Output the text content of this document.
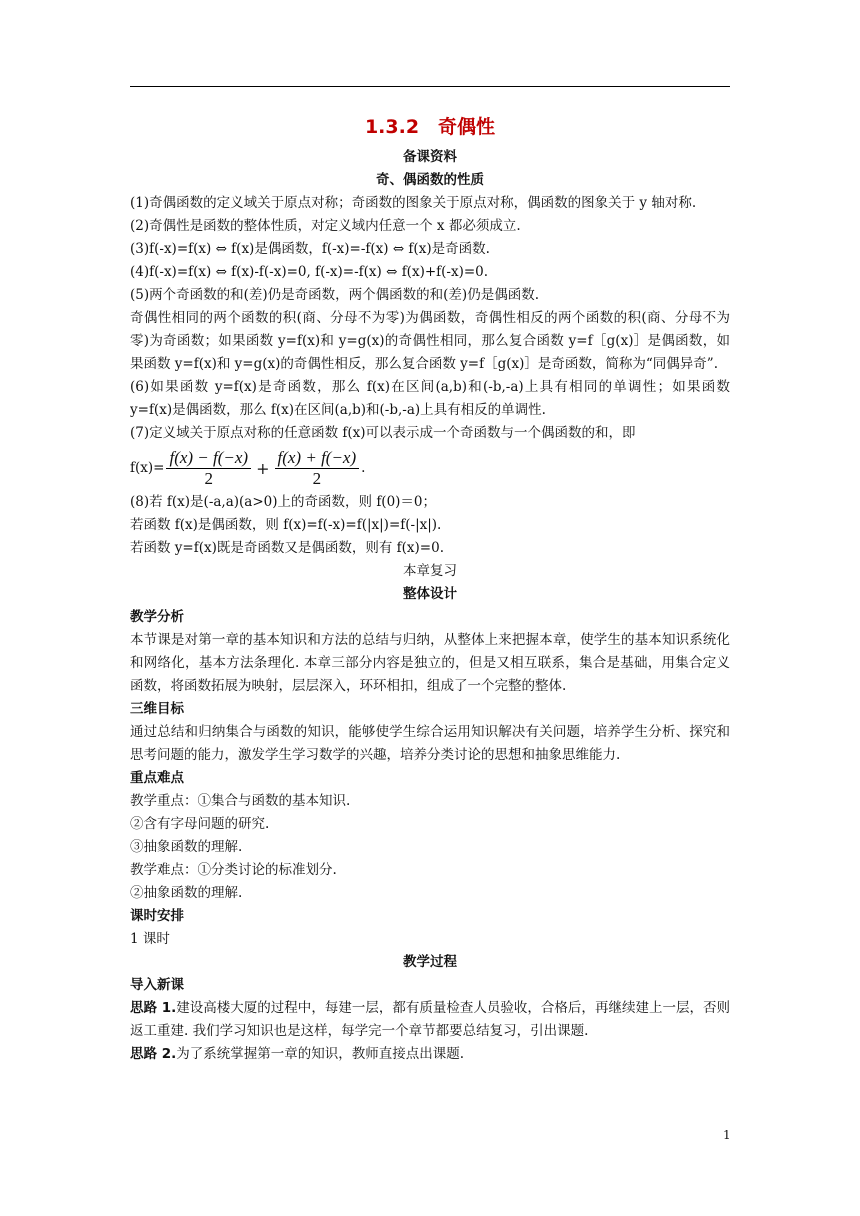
1.3.2　奇偶性
备课资料
奇、偶函数的性质
(1)奇偶函数的定义域关于原点对称；奇函数的图象关于原点对称，偶函数的图象关于 y 轴对称.
(2)奇偶性是函数的整体性质，对定义域内任意一个 x 都必须成立.
(3)f(-x)=f(x) ⇔ f(x)是偶函数，f(-x)=-f(x) ⇔ f(x)是奇函数.
(4)f(-x)=f(x) ⇔ f(x)-f(-x)=0, f(-x)=-f(x) ⇔ f(x)+f(-x)=0.
(5)两个奇函数的和(差)仍是奇函数，两个偶函数的和(差)仍是偶函数.
奇偶性相同的两个函数的积(商、分母不为零)为偶函数，奇偶性相反的两个函数的积(商、分母不为零)为奇函数；如果函数 y=f(x)和 y=g(x)的奇偶性相同，那么复合函数 y=f［g(x)］是偶函数，如果函数 y=f(x)和 y=g(x)的奇偶性相反，那么复合函数 y=f［g(x)］是奇函数，简称为“同偶异奇”.
(6)如果函数 y=f(x)是奇函数，那么 f(x)在区间(a,b)和(-b,-a)上具有相同的单调性；如果函数 y=f(x)是偶函数，那么 f(x)在区间(a,b)和(-b,-a)上具有相反的单调性.
(7)定义域关于原点对称的任意函数 f(x)可以表示成一个奇函数与一个偶函数的和，即
$f(x)= \frac{f(x) - f(-x)}{2} + \frac{f(x) + f(-x)}{2}$ .
(8)若 f(x)是(-a,a)(a>0)上的奇函数，则 f(0)＝0；
若函数 f(x)是偶函数，则 f(x)=f(-x)=f(|x|)=f(-|x|).
若函数 y=f(x)既是奇函数又是偶函数，则有 f(x)=0.
本章复习
整体设计
教学分析
本节课是对第一章的基本知识和方法的总结与归纳，从整体上来把握本章，使学生的基本知识系统化和网络化，基本方法条理化. 本章三部分内容是独立的，但是又相互联系，集合是基础，用集合定义函数，将函数拓展为映射，层层深入，环环相扣，组成了一个完整的整体.
三维目标
通过总结和归纳集合与函数的知识，能够使学生综合运用知识解决有关问题，培养学生分析、探究和思考问题的能力，激发学生学习数学的兴趣，培养分类讨论的思想和抽象思维能力.
重点难点
教学重点：①集合与函数的基本知识.
②含有字母问题的研究.
③抽象函数的理解.
教学难点：①分类讨论的标准划分.
②抽象函数的理解.
课时安排
1 课时
教学过程
导入新课
思路 1.建设高楼大厦的过程中，每建一层，都有质量检查人员验收，合格后，再继续建上一层，否则返工重建. 我们学习知识也是这样，每学完一个章节都要总结复习，引出课题.
思路 2.为了系统掌握第一章的知识，教师直接点出课题.
1
